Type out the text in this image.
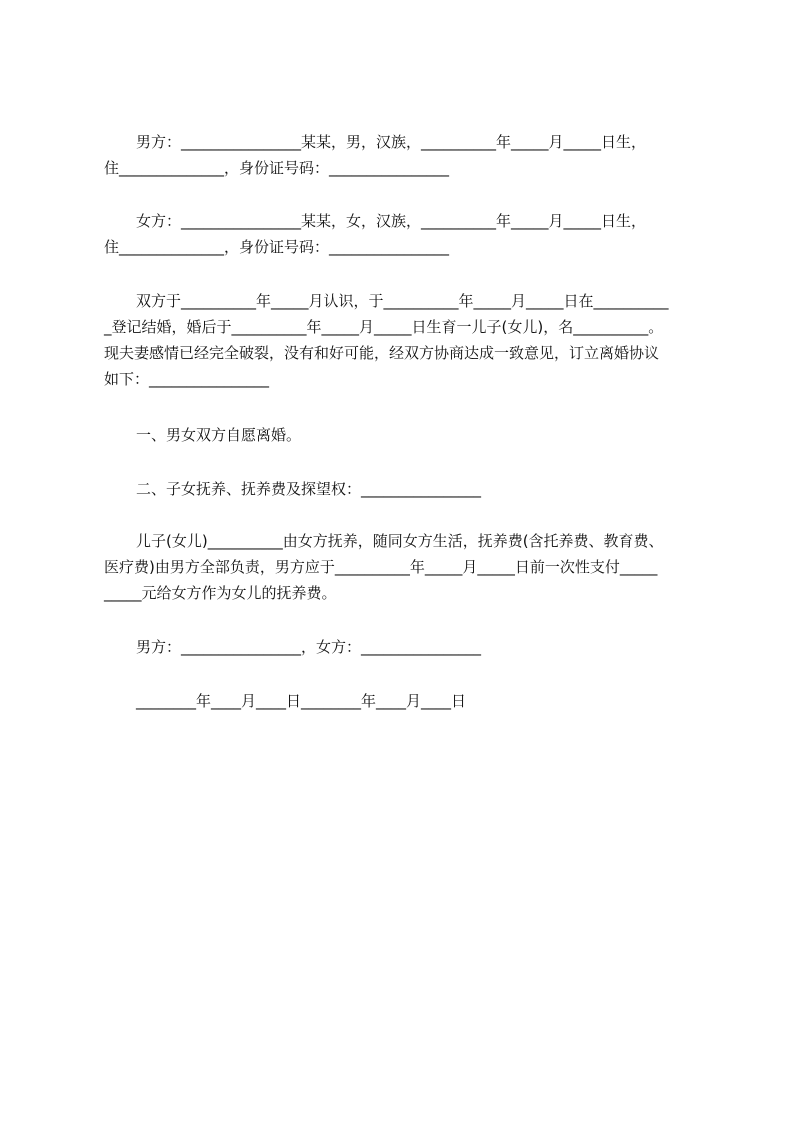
男方：________________某某，男，汉族，__________年_____月_____日生，
住______________，身份证号码：________________
女方：________________某某，女，汉族，__________年_____月_____日生，
住______________，身份证号码：________________
双方于__________年_____月认识，于__________年_____月_____日在__________
_登记结婚，婚后于__________年_____月_____日生育一儿子(女儿)，名__________。
现夫妻感情已经完全破裂，没有和好可能，经双方协商达成一致意见，订立离婚协议
如下：________________
一、男女双方自愿离婚。
二、子女抚养、抚养费及探望权：________________
儿子(女儿)__________由女方抚养，随同女方生活，抚养费(含托养费、教育费、
医疗费)由男方全部负责，男方应于__________年_____月_____日前一次性支付_____
_____元给女方作为女儿的抚养费。
男方：________________，女方：________________
________年____月____日________年____月____日
